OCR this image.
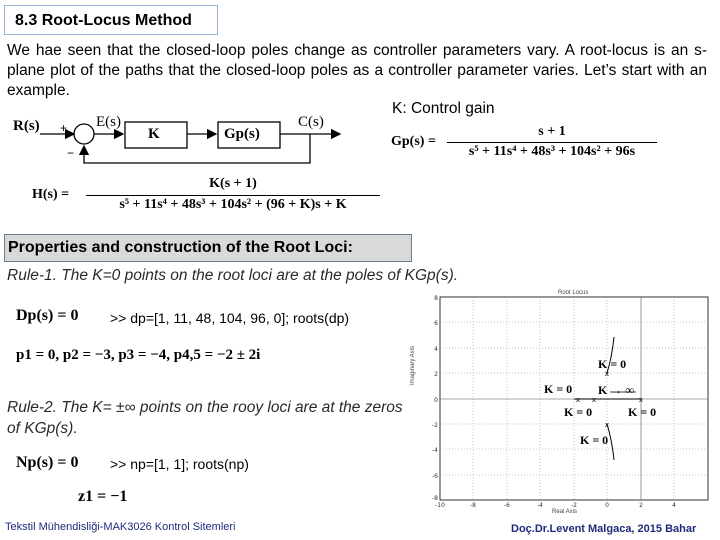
8.3 Root-Locus Method
We hae seen that the closed-loop poles change as controller parameters vary. A root-locus is an s-plane plot of the paths that the closed-loop poles as a controller parameter varies. Let’s start with an example.
K: Control gain
R(s) +
−
E(s)
K	Gp(s)
C(s)
Gp(s) =
s + 1
s⁵ + 11s⁴ + 48s³ + 104s² + 96s
H(s) =
K(s + 1)
s⁵ + 11s⁴ + 48s³ + 104s² + (96 + K)s + K
Properties and construction of the Root Loci:
Rule-1. The K=0 points on the root loci are at the poles of KGp(s).
Dp(s) = 0 >> dp=[1, 11, 48, 104, 96, 0]; roots(dp)
p1 = 0, p2 = −3, p3 = −4, p4,5 = −2 ± 2i
Rule-2. The K= ±∞ points on the rooy loci are at the zeros of KGp(s).
Np(s) = 0 >> np=[1, 1]; roots(np)
z1 = −1
Root Locus
Imaginary Axis
Real Axis
8
6
4
2
0
-2
-4
-6
-8
-10	-8	-6	-4	-2	0	2	4
x x	x
x
x
K = 0
K = 0 K → ∞
K = 0	K = 0
K = 0
Tekstil Mühendisliği-MAK3026 Kontrol Sitemleri	Doç.Dr.Levent Malgaca, 2015 Bahar
